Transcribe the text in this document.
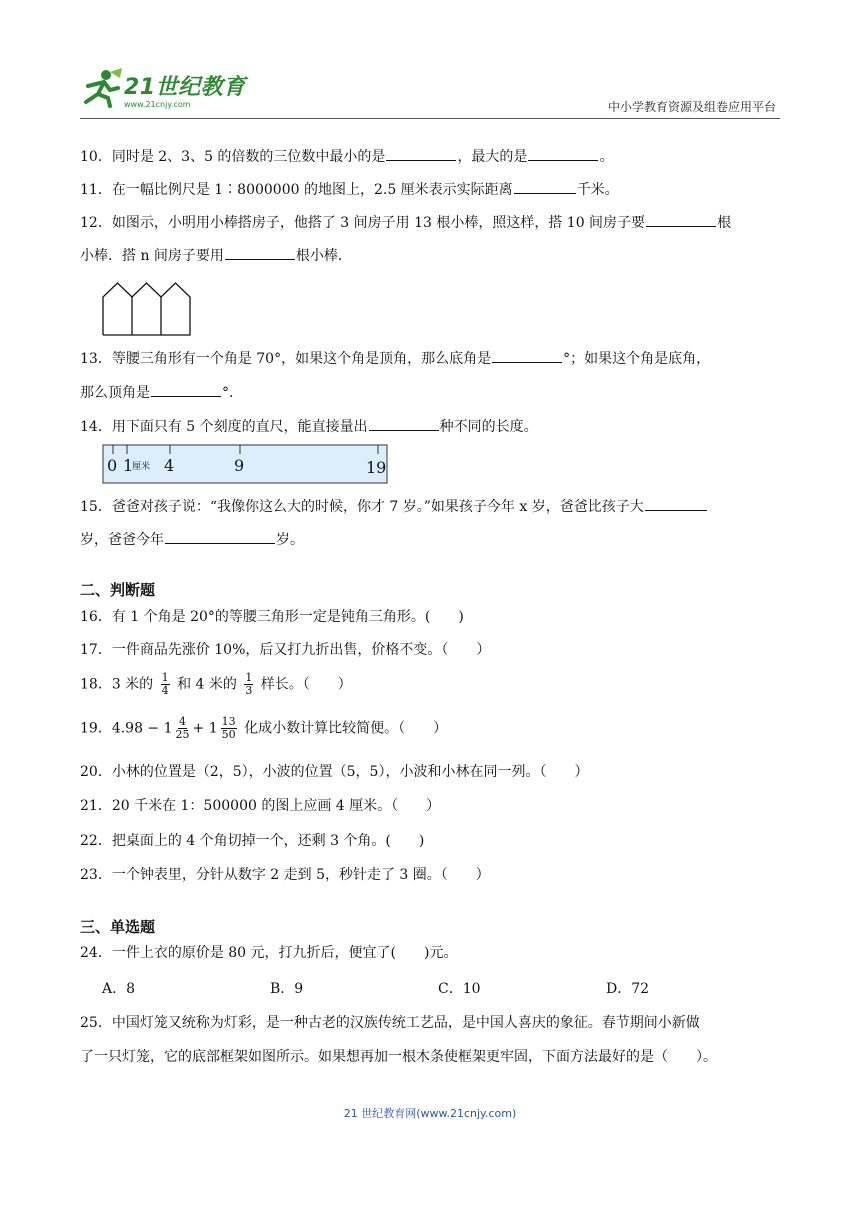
21世纪教育
www.21cnjy.com	中小学教育资源及组卷应用平台
10．同时是 2、3、5 的倍数的三位数中最小的是	，最大的是	。
11．在一幅比例尺是 1∶8000000 的地图上，2.5 厘米表示实际距离	千米。
12．如图示，小明用小棒搭房子，他搭了 3 间房子用 13 根小棒，照这样，搭 10 间房子要	根
小棒．搭 n 间房子要用	根小棒．
13．等腰三角形有一个角是 70°，如果这个角是顶角，那么底角是	°；如果这个角是底角，
那么顶角是	°.
14．用下面只有 5 个刻度的直尺，能直接量出	种不同的长度。
0 1
厘米 4	9	19
15．爸爸对孩子说：“我像你这么大的时候，你才 7 岁。”如果孩子今年 x 岁，爸爸比孩子大
岁，爸爸今年	岁。
二、判断题
16．有 1 个角是 20°的等腰三角形一定是钝角三角形。(　　)
17．一件商品先涨价 10%，后又打九折出售，价格不变。（　　）
18．3 米的 $\frac{1}{4}$ 和 4 米的 $\frac{1}{3}$ 样长。（　　）
19．$4.98 - 1 \frac{4}{25} + 1 \frac{13}{50}$ 化成小数计算比较简便。（　　）
20．小林的位置是（2，5），小波的位置（5，5），小波和小林在同一列。（　　）
21．20 千米在 1：500000 的图上应画 4 厘米。（　　）
22．把桌面上的 4 个角切掉一个，还剩 3 个角。(　　)
23．一个钟表里，分针从数字 2 走到 5，秒针走了 3 圈。（　　）
三、单选题
24．一件上衣的原价是 80 元，打九折后，便宜了(　　)元。
A．8	B．9	C．10	D．72
25．中国灯笼又统称为灯彩，是一种古老的汉族传统工艺品，是中国人喜庆的象征。春节期间小新做
了一只灯笼，它的底部框架如图所示。如果想再加一根木条使框架更牢固，下面方法最好的是（　　）。
21 世纪教育网(www.21cnjy.com)
